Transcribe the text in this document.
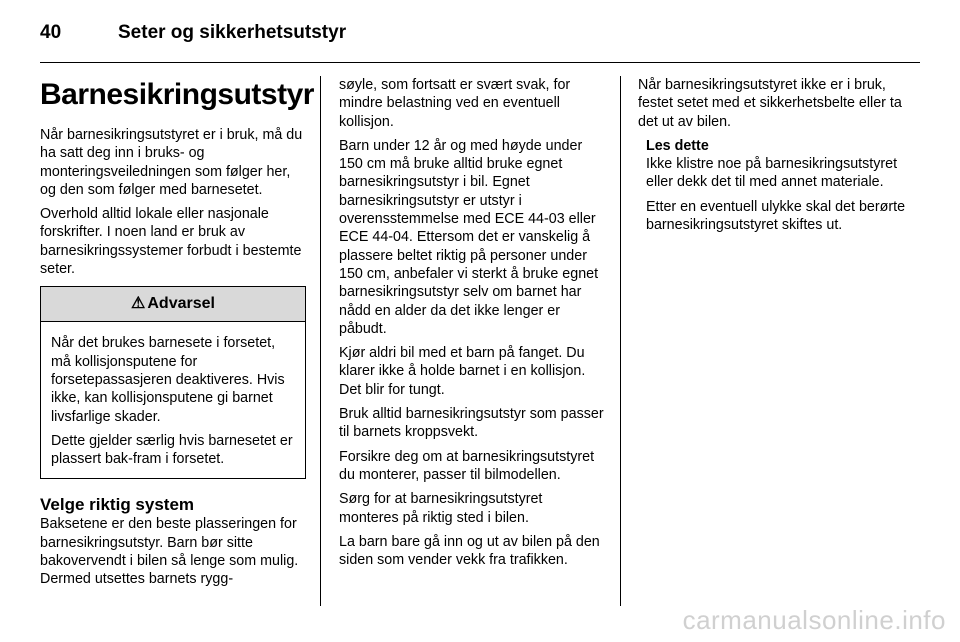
40	Seter og sikkerhetsutstyr
Barnesikringsutstyr

Når barnesikringsutstyret er i bruk, må du ha satt deg inn i bruks- og monteringsveiledningen som følger her, og den som følger med barnesetet.

Overhold alltid lokale eller nasjonale forskrifter. I noen land er bruk av barnesikringssystemer forbudt i bestemte seter.

⚠ Advarsel

Når det brukes barnesete i forsetet, må kollisjonsputene for forsetepassasjeren deaktiveres. Hvis ikke, kan kollisjonsputene gi barnet livsfarlige skader.

Dette gjelder særlig hvis barnesetet er plassert bak-fram i forsetet.

Velge riktig system

Baksetene er den beste plasseringen for barnesikringsutstyr. Barn bør sitte bakovervendt i bilen så lenge som mulig. Dermed utsettes barnets rygg-

søyle, som fortsatt er svært svak, for mindre belastning ved en eventuell kollisjon.

Barn under 12 år og med høyde under 150 cm må bruke alltid bruke egnet barnesikringsutstyr i bil. Egnet barnesikringsutstyr er utstyr i overensstemmelse med ECE 44-03 eller ECE 44-04. Ettersom det er vanskelig å plassere beltet riktig på personer under 150 cm, anbefaler vi sterkt å bruke egnet barnesikringsutstyr selv om barnet har nådd en alder da det ikke lenger er påbudt.

Kjør aldri bil med et barn på fanget. Du klarer ikke å holde barnet i en kollisjon. Det blir for tungt.

Bruk alltid barnesikringsutstyr som passer til barnets kroppsvekt.

Forsikre deg om at barnesikringsutstyret du monterer, passer til bilmodellen.

Sørg for at barnesikringsutstyret monteres på riktig sted i bilen.

La barn bare gå inn og ut av bilen på den siden som vender vekk fra trafikken.

Når barnesikringsutstyret ikke er i bruk, festet setet med et sikkerhetsbelte eller ta det ut av bilen.

Les dette

Ikke klistre noe på barnesikringsutstyret eller dekk det til med annet materiale.

Etter en eventuell ulykke skal det berørte barnesikringsutstyret skiftes ut.

carmanualsonline.info
